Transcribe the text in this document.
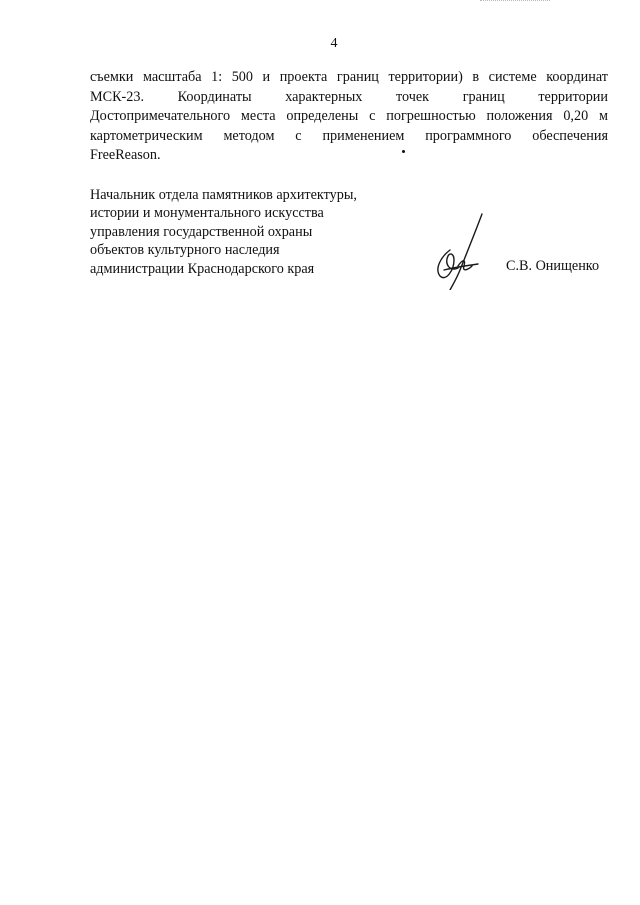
4
съемки масштаба 1: 500 и проекта границ территории) в системе координат
МСК-23. Координаты характерных точек границ территории
Достопримечательного места определены с погрешностью положения 0,20 м
картометрическим методом с применением программного обеспечения
FreeReason.
Начальник отдела памятников архитектуры,
истории и монументального искусства
управления государственной охраны
объектов культурного наследия
администрации Краснодарского края	С.В. Онищенко
